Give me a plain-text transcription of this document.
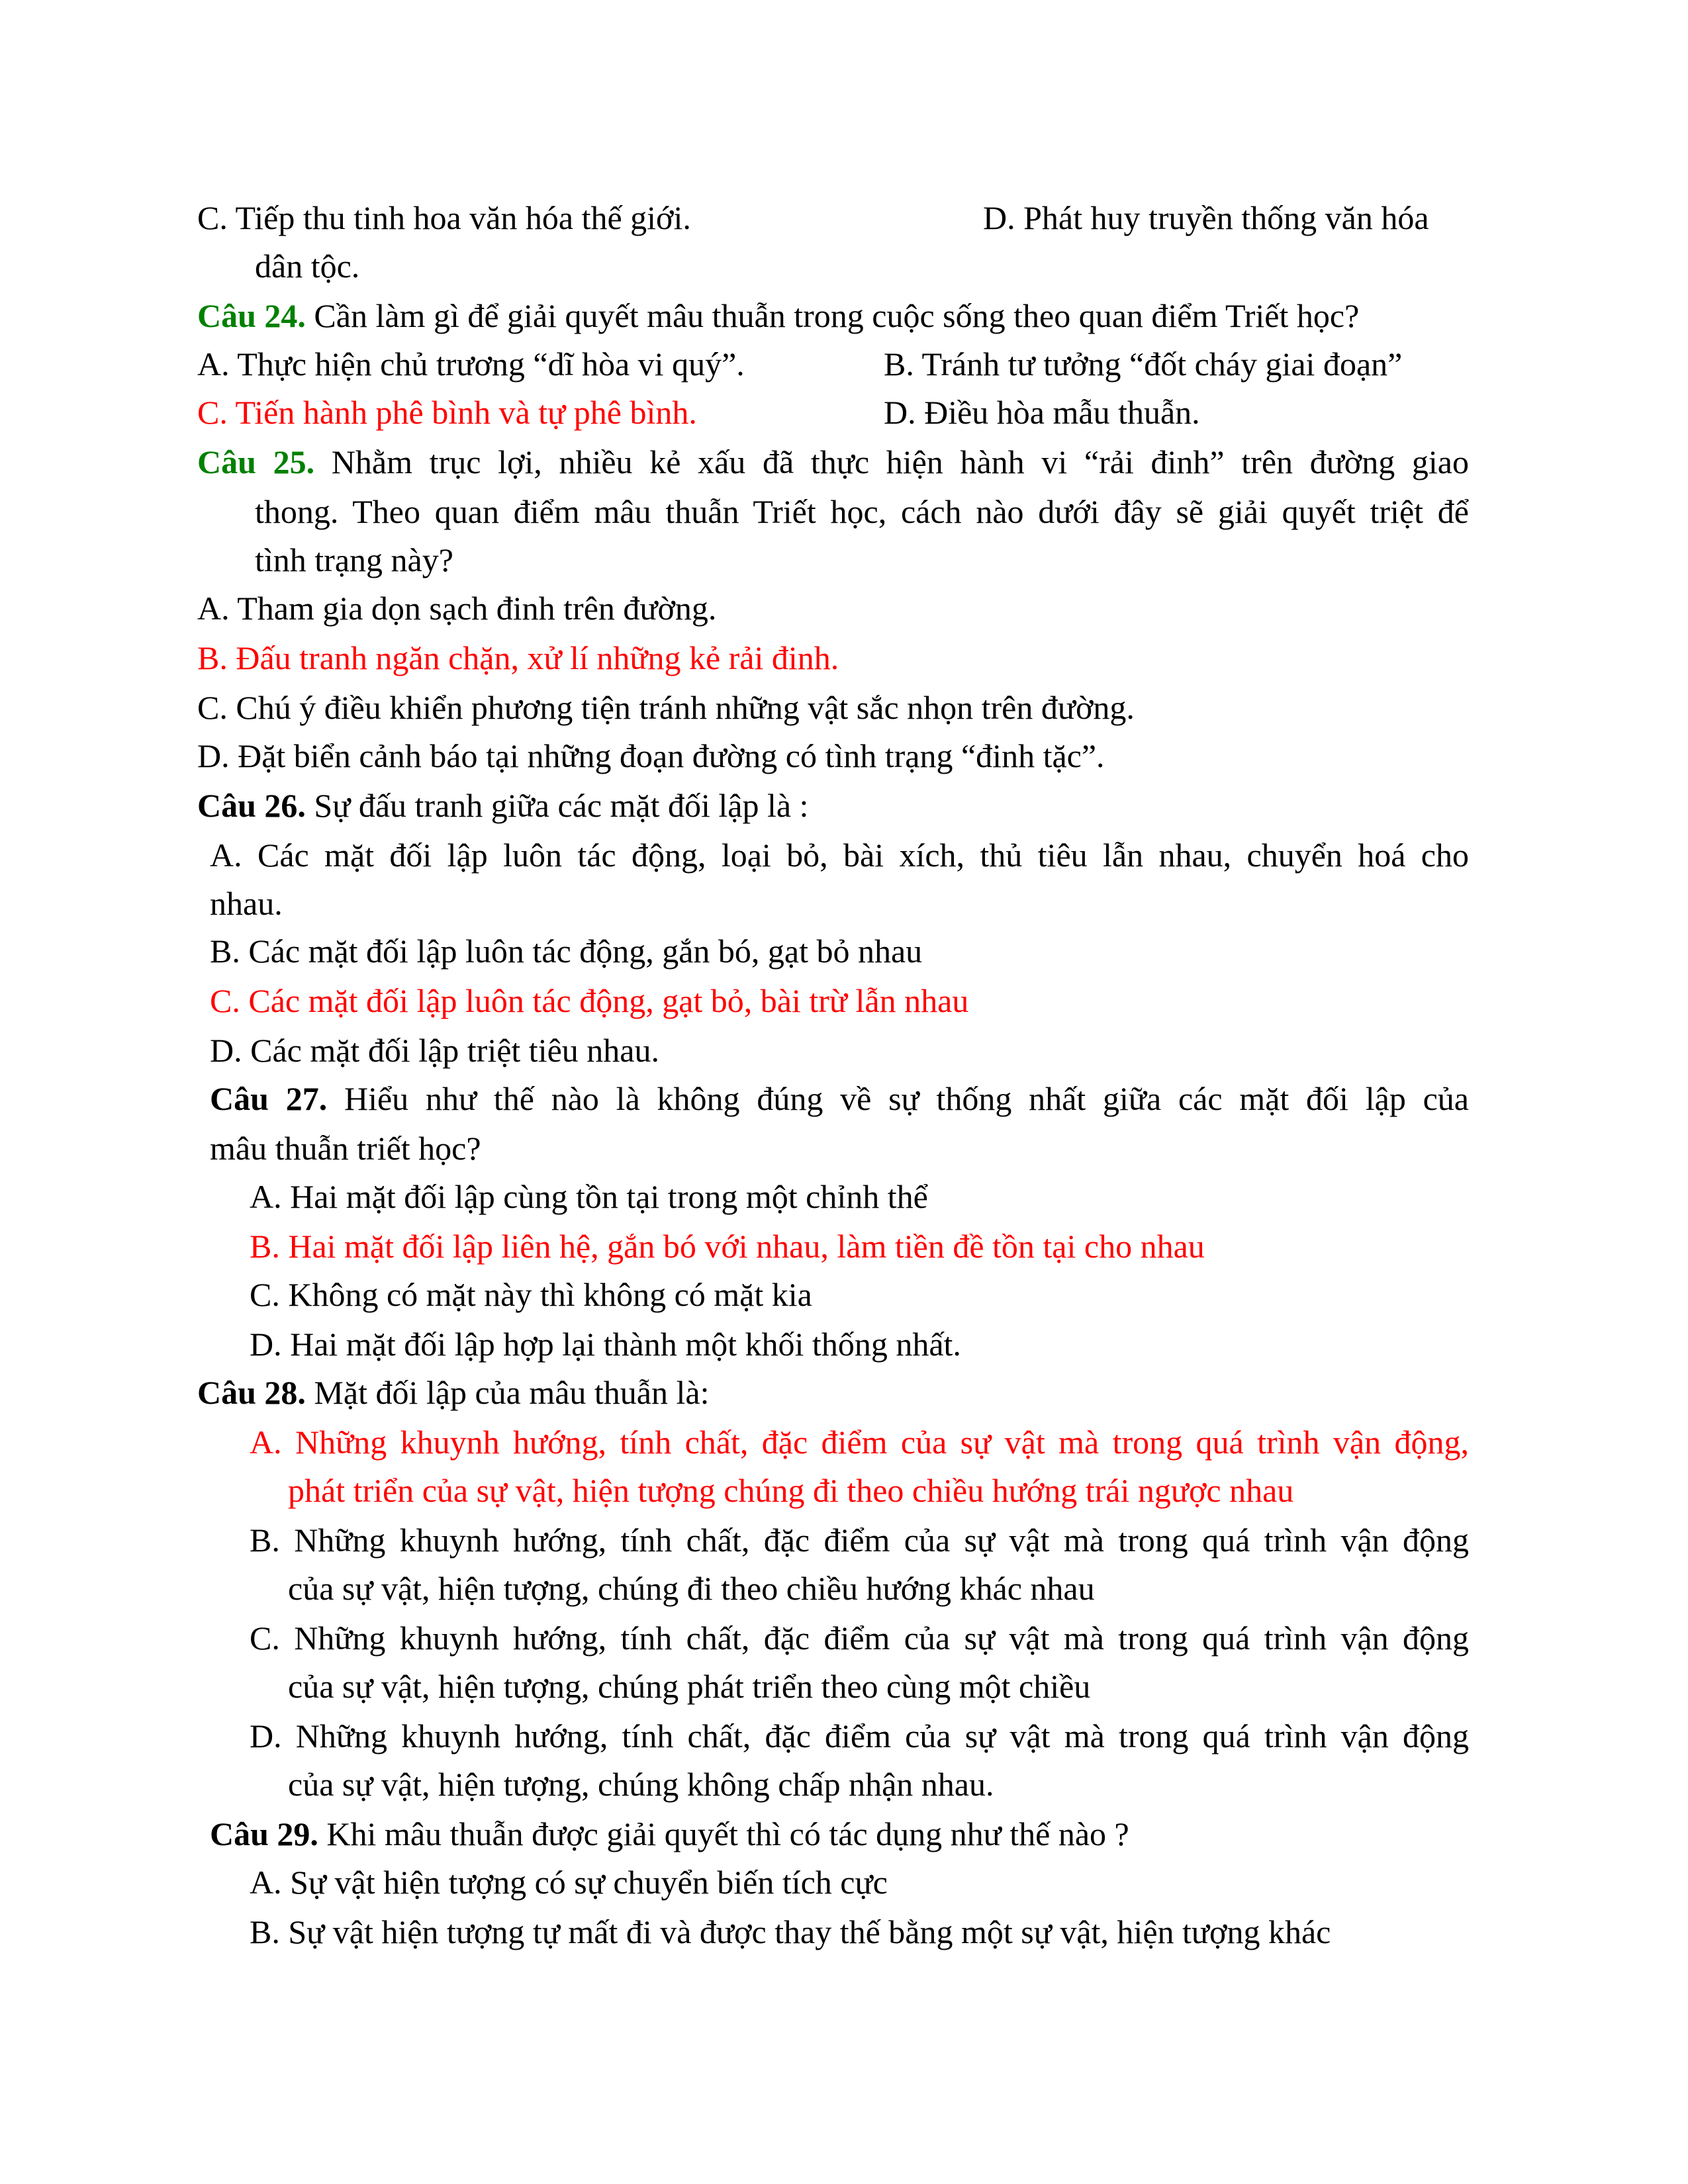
C. Tiếp thu tinh hoa văn hóa thế giới.	D. Phát huy truyền thống văn hóa
dân tộc.
Câu 24. Cần làm gì để giải quyết mâu thuẫn trong cuộc sống theo quan điểm Triết học?
A. Thực hiện chủ trương “dĩ hòa vi quý”.	B. Tránh tư tưởng “đốt cháy giai đoạn”
C. Tiến hành phê bình và tự phê bình.	D. Điều hòa mẫu thuẫn.
Câu 25. Nhằm trục lợi, nhiều kẻ xấu đã thực hiện hành vi “rải đinh” trên đường giao
thong. Theo quan điểm mâu thuẫn Triết học, cách nào dưới đây sẽ giải quyết triệt để
tình trạng này?
A. Tham gia dọn sạch đinh trên đường.
B. Đấu tranh ngăn chặn, xử lí những kẻ rải đinh.
C. Chú ý điều khiển phương tiện tránh những vật sắc nhọn trên đường.
D. Đặt biển cảnh báo tại những đoạn đường có tình trạng “đinh tặc”.
Câu 26. Sự đấu tranh giữa các mặt đối lập là :
A. Các mặt đối lập luôn tác động, loại bỏ, bài xích, thủ tiêu lẫn nhau, chuyển hoá cho
nhau.
B. Các mặt đối lập luôn tác động, gắn bó, gạt bỏ nhau
C. Các mặt đối lập luôn tác động, gạt bỏ, bài trừ lẫn nhau
D. Các mặt đối lập triệt tiêu nhau.
Câu 27. Hiểu như thế nào là không đúng về sự thống nhất giữa các mặt đối lập của
mâu thuẫn triết học?
A. Hai mặt đối lập cùng tồn tại trong một chỉnh thể
B. Hai mặt đối lập liên hệ, gắn bó với nhau, làm tiền đề tồn tại cho nhau
C. Không có mặt này thì không có mặt kia
D. Hai mặt đối lập hợp lại thành một khối thống nhất.
Câu 28. Mặt đối lập của mâu thuẫn là:
A. Những khuynh hướng, tính chất, đặc điểm của sự vật mà trong quá trình vận động,
phát triển của sự vật, hiện tượng chúng đi theo chiều hướng trái ngược nhau
B. Những khuynh hướng, tính chất, đặc điểm của sự vật mà trong quá trình vận động
của sự vật, hiện tượng, chúng đi theo chiều hướng khác nhau
C. Những khuynh hướng, tính chất, đặc điểm của sự vật mà trong quá trình vận động
của sự vật, hiện tượng, chúng phát triển theo cùng một chiều
D. Những khuynh hướng, tính chất, đặc điểm của sự vật mà trong quá trình vận động
của sự vật, hiện tượng, chúng không chấp nhận nhau.
Câu 29. Khi mâu thuẫn được giải quyết thì có tác dụng như thế nào ?
A. Sự vật hiện tượng có sự chuyển biến tích cực
B. Sự vật hiện tượng tự mất đi và được thay thế bằng một sự vật, hiện tượng khác
